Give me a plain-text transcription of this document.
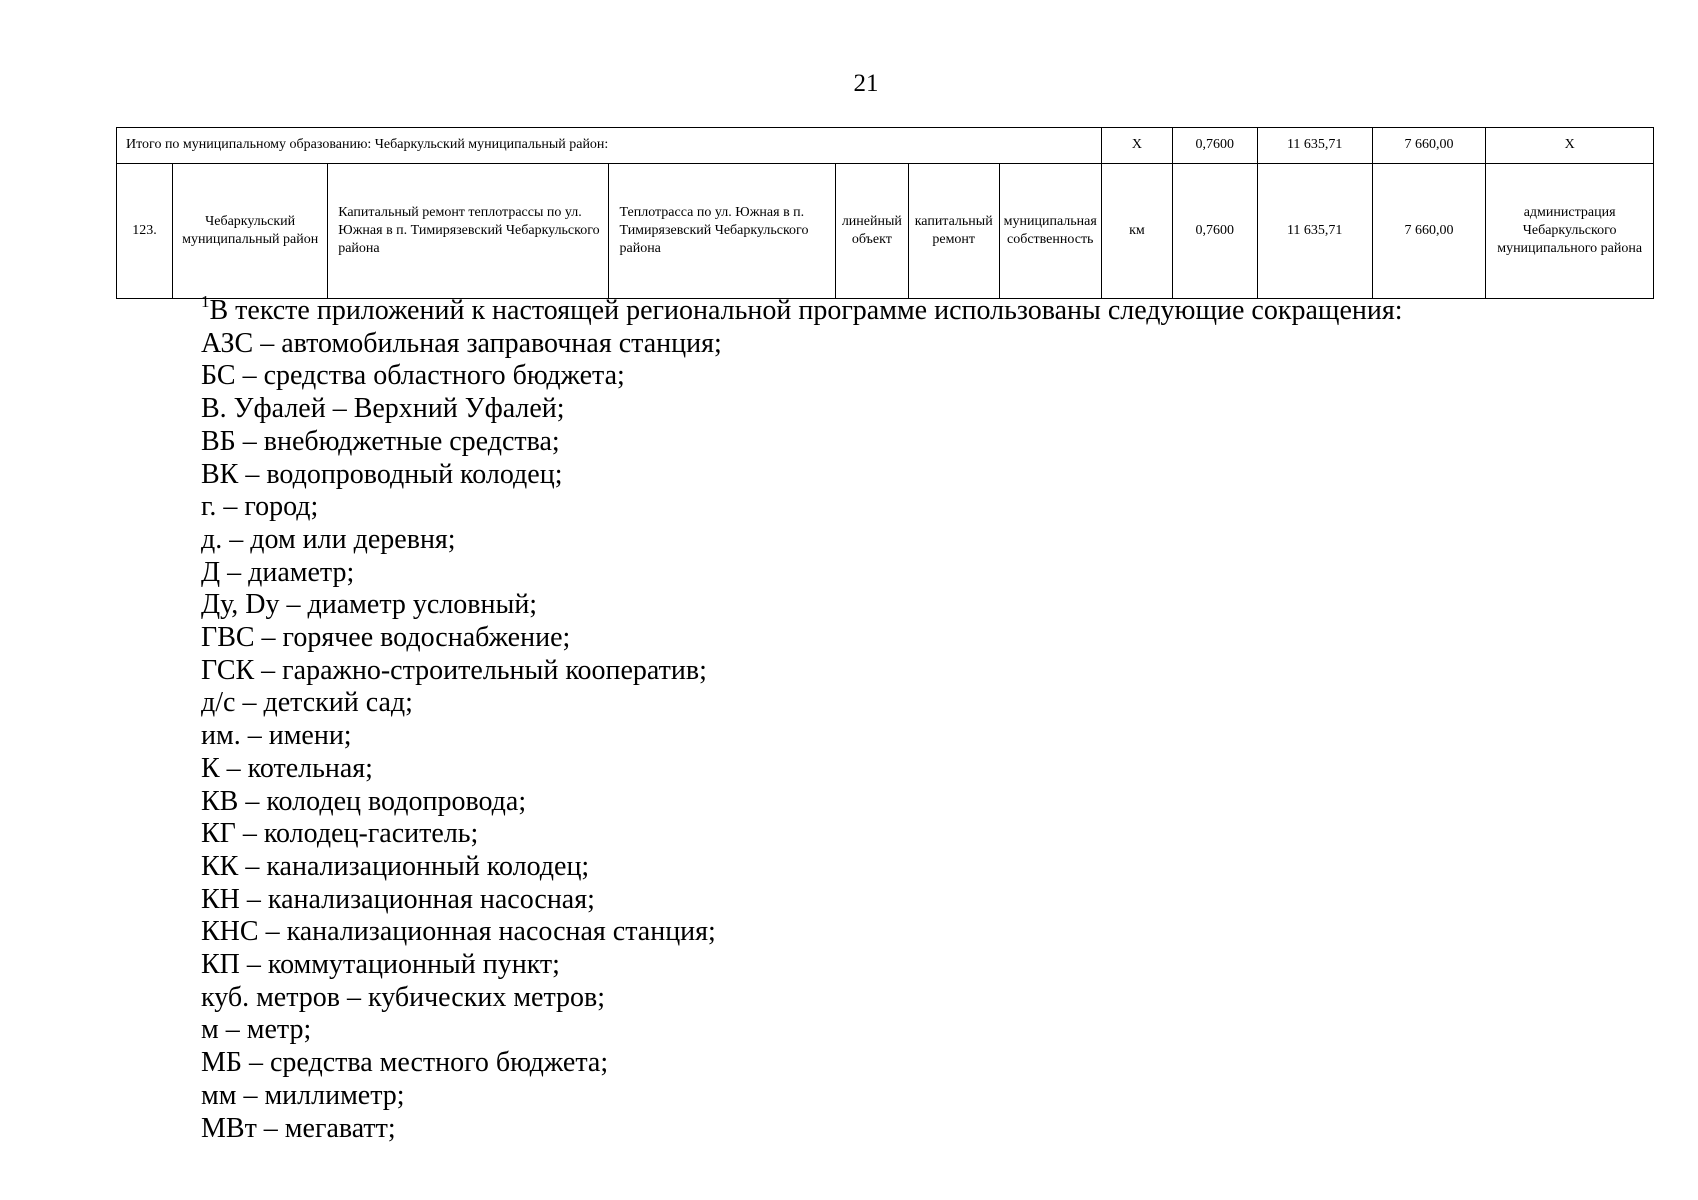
21
Итого по муниципальному образованию: Чебаркульский муниципальный район:							Х	0,7600	11 635,71	7 660,00	Х
123.	Чебаркульский муниципальный район	Капитальный ремонт теплотрассы по ул. Южная в п. Тимирязевский Чебаркульского района	Теплотрасса по ул. Южная в п. Тимирязевский Чебаркульского района	линейный объект	капитальный ремонт	муниципальная собственность	км	0,7600	11 635,71	7 660,00	администрация Чебаркульского муниципального района
$^1$В тексте приложений к настоящей региональной программе использованы следующие сокращения:
АЗС – автомобильная заправочная станция;
БС – средства областного бюджета;
В. Уфалей – Верхний Уфалей;
ВБ – внебюджетные средства;
ВК – водопроводный колодец;
г. – город;
д. – дом или деревня;
Д – диаметр;
Ду, Dy – диаметр условный;
ГВС – горячее водоснабжение;
ГСК – гаражно-строительный кооператив;
д/с – детский сад;
им. – имени;
К – котельная;
КВ – колодец водопровода;
КГ – колодец-гаситель;
КК – канализационный колодец;
КН – канализационная насосная;
КНС – канализационная насосная станция;
КП – коммутационный пункт;
куб. метров – кубических метров;
м – метр;
МБ – средства местного бюджета;
мм – миллиметр;
МВт – мегаватт;
